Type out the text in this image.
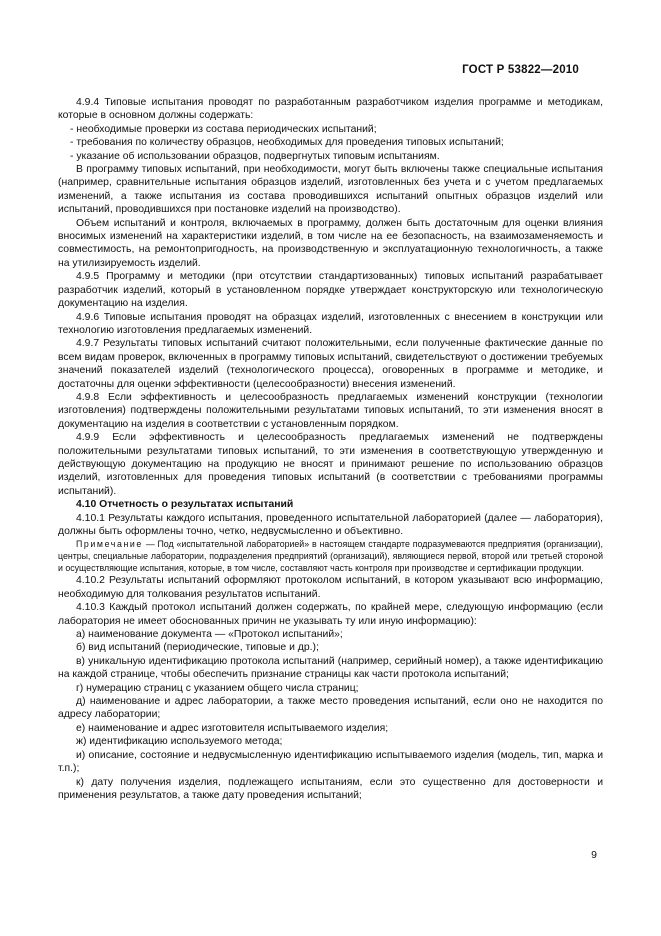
ГОСТ Р 53822—2010

4.9.4 Типовые испытания проводят по разработанным разработчиком изделия программе и методикам, которые в основном должны содержать:

- необходимые проверки из состава периодических испытаний;

- требования по количеству образцов, необходимых для проведения типовых испытаний;

- указание об использовании образцов, подвергнутых типовым испытаниям.

В программу типовых испытаний, при необходимости, могут быть включены также специальные испытания (например, сравнительные испытания образцов изделий, изготовленных без учета и с учетом предлагаемых изменений, а также испытания из состава проводившихся испытаний опытных образцов изделий или испытаний, проводившихся при постановке изделий на производство).

Объем испытаний и контроля, включаемых в программу, должен быть достаточным для оценки влияния вносимых изменений на характеристики изделий, в том числе на ее безопасность, на взаимозаменяемость и совместимость, на ремонтопригодность, на производственную и эксплуатационную технологичность, а также на утилизируемость изделий.

4.9.5 Программу и методики (при отсутствии стандартизованных) типовых испытаний разрабатывает разработчик изделий, который в установленном порядке утверждает конструкторскую или технологическую документацию на изделия.

4.9.6 Типовые испытания проводят на образцах изделий, изготовленных с внесением в конструкции или технологию изготовления предлагаемых изменений.

4.9.7 Результаты типовых испытаний считают положительными, если полученные фактические данные по всем видам проверок, включенных в программу типовых испытаний, свидетельствуют о достижении требуемых значений показателей изделий (технологического процесса), оговоренных в программе и методике, и достаточны для оценки эффективности (целесообразности) внесения изменений.

4.9.8 Если эффективность и целесообразность предлагаемых изменений конструкции (технологии изготовления) подтверждены положительными результатами типовых испытаний, то эти изменения вносят в документацию на изделия в соответствии с установленным порядком.

4.9.9 Если эффективность и целесообразность предлагаемых изменений не подтверждены положительными результатами типовых испытаний, то эти изменения в соответствующую утвержденную и действующую документацию на продукцию не вносят и принимают решение по использованию образцов изделий, изготовленных для проведения типовых испытаний (в соответствии с требованиями программы испытаний).

4.10 Отчетность о результатах испытаний

4.10.1 Результаты каждого испытания, проведенного испытательной лабораторией (далее — лаборатория), должны быть оформлены точно, четко, недвусмысленно и объективно.

Примечание — Под «испытательной лабораторией» в настоящем стандарте подразумеваются предприятия (организации), центры, специальные лаборатории, подразделения предприятий (организаций), являющиеся первой, второй или третьей стороной и осуществляющие испытания, которые, в том числе, составляют часть контроля при производстве и сертификации продукции.

4.10.2 Результаты испытаний оформляют протоколом испытаний, в котором указывают всю информацию, необходимую для толкования результатов испытаний.

4.10.3 Каждый протокол испытаний должен содержать, по крайней мере, следующую информацию (если лаборатория не имеет обоснованных причин не указывать ту или иную информацию):

а) наименование документа — «Протокол испытаний»;

б) вид испытаний (периодические, типовые и др.);

в) уникальную идентификацию протокола испытаний (например, серийный номер), а также идентификацию на каждой странице, чтобы обеспечить признание страницы как части протокола испытаний;

г) нумерацию страниц с указанием общего числа страниц;

д) наименование и адрес лаборатории, а также место проведения испытаний, если оно не находится по адресу лаборатории;

е) наименование и адрес изготовителя испытываемого изделия;

ж) идентификацию используемого метода;

и) описание, состояние и недвусмысленную идентификацию испытываемого изделия (модель, тип, марка и т.п.);

к) дату получения изделия, подлежащего испытаниям, если это существенно для достоверности и применения результатов, а также дату проведения испытаний;

9
